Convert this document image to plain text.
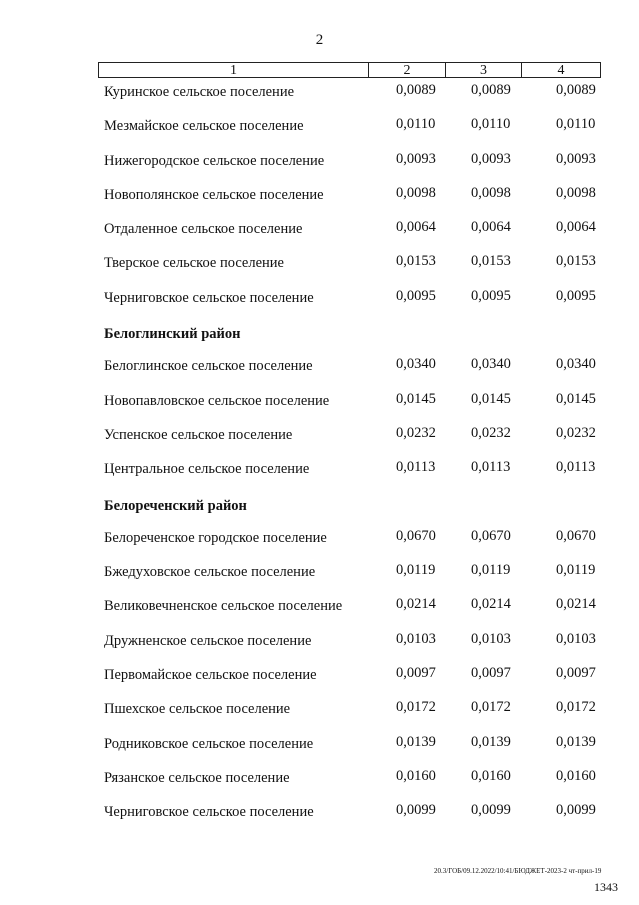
2
1	2	3	4
Куринское сельское поселение	0,0089 0,0089	0,0089
Мезмайское сельское поселение	0,0110 0,0110	0,0110
Нижегородское сельское поселение	0,0093 0,0093	0,0093
Новополянское сельское поселение	0,0098 0,0098	0,0098
Отдаленное сельское поселение	0,0064 0,0064	0,0064
Тверское сельское поселение	0,0153 0,0153	0,0153
Черниговское сельское поселение	0,0095 0,0095	0,0095
Белоглинский район
Белоглинское сельское поселение	0,0340 0,0340	0,0340
Новопавловское сельское поселение	0,0145 0,0145	0,0145
Успенское сельское поселение	0,0232 0,0232	0,0232
Центральное сельское поселение	0,0113 0,0113	0,0113
Белореченский район
Белореченское городское поселение	0,0670 0,0670	0,0670
Бжедуховское сельское поселение	0,0119 0,0119	0,0119
Великовечненское сельское поселение	0,0214 0,0214	0,0214
Дружненское сельское поселение	0,0103 0,0103	0,0103
Первомайское сельское поселение	0,0097 0,0097	0,0097
Пшехское сельское поселение	0,0172 0,0172	0,0172
Родниковское сельское поселение	0,0139 0,0139	0,0139
Рязанское сельское поселение	0,0160 0,0160	0,0160
Черниговское сельское поселение	0,0099 0,0099	0,0099
20.3/ГОБ/09.12.2022/10:41/БЮДЖЕТ-2023-2 чт-прил-19
1343
